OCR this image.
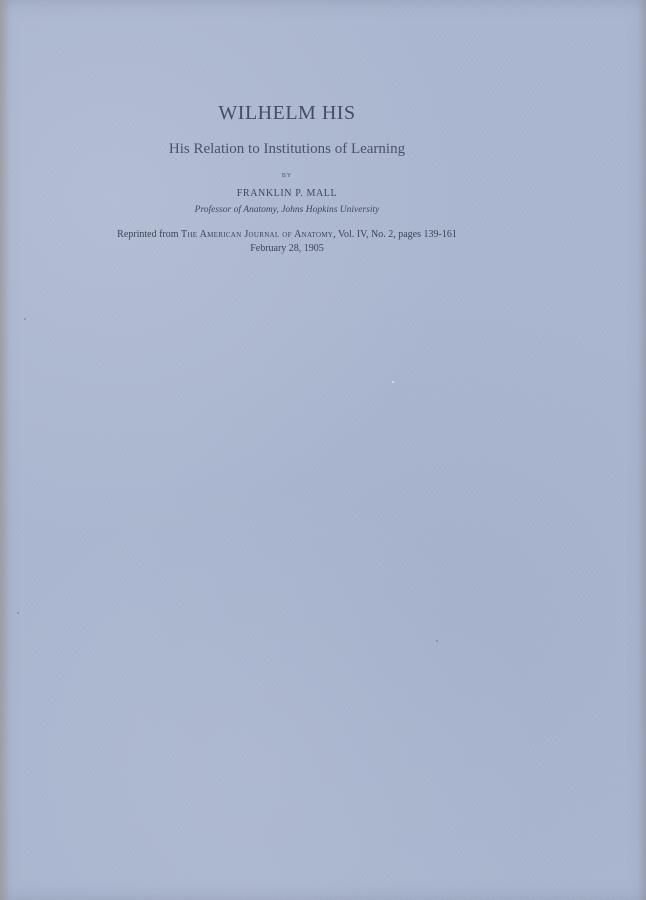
WILHELM HIS
His Relation to Institutions of Learning
BY
FRANKLIN P. MALL
Professor of Anatomy, Johns Hopkins University
Reprinted from The American Journal of Anatomy, Vol. IV, No. 2, pages 139-161
February 28, 1905
